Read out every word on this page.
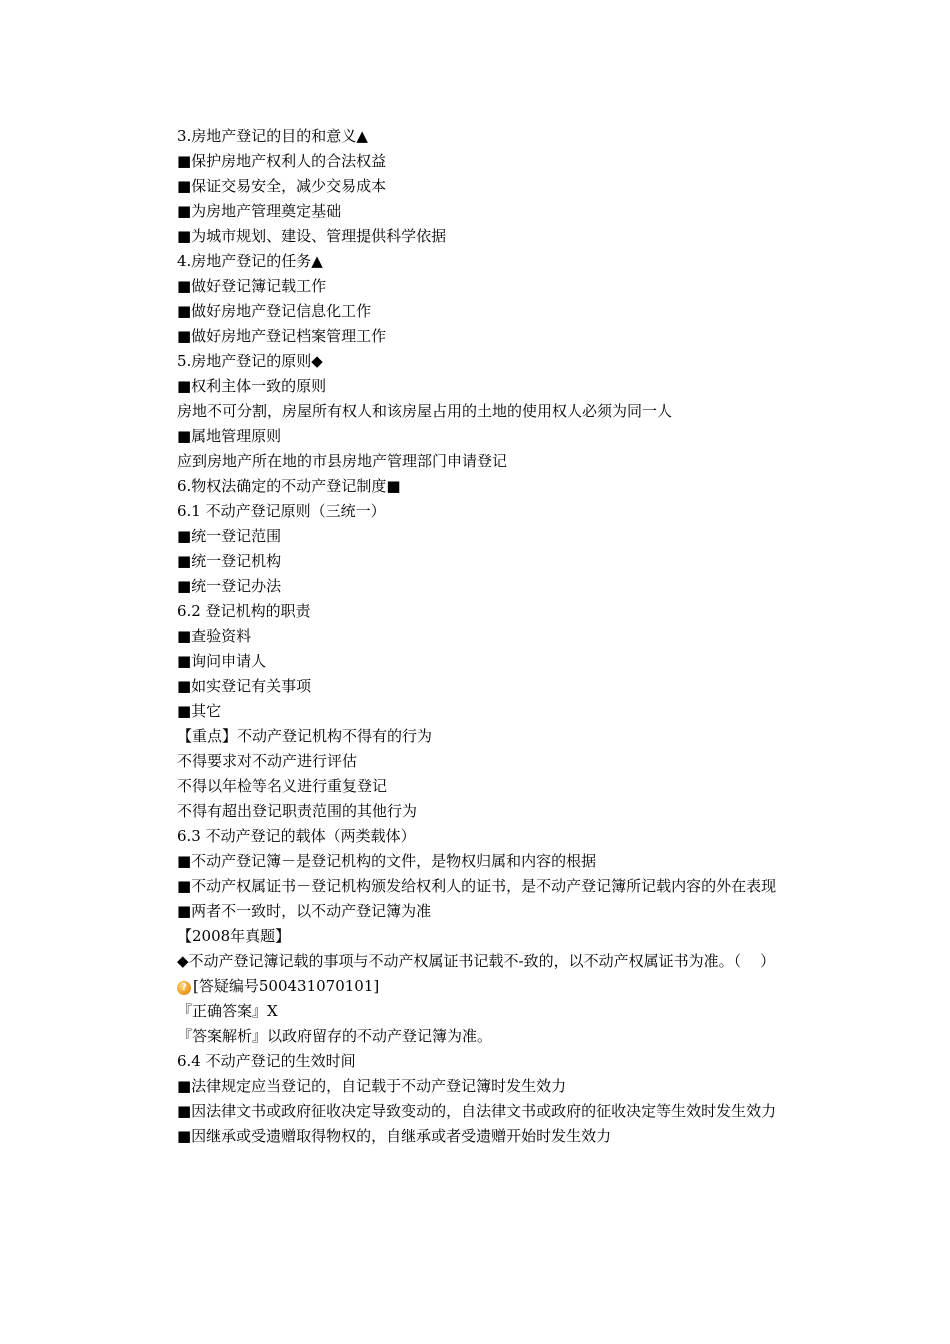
3.房地产登记的目的和意义▲

■保护房地产权利人的合法权益

■保证交易安全，减少交易成本

■为房地产管理奠定基础

■为城市规划、建设、管理提供科学依据

4.房地产登记的任务▲

■做好登记簿记载工作

■做好房地产登记信息化工作

■做好房地产登记档案管理工作

5.房地产登记的原则◆

■权利主体一致的原则

房地不可分割，房屋所有权人和该房屋占用的土地的使用权人必须为同一人

■属地管理原则

应到房地产所在地的市县房地产管理部门申请登记

6.物权法确定的不动产登记制度■

6.1 不动产登记原则（三统一）

■统一登记范围

■统一登记机构

■统一登记办法

6.2 登记机构的职责

■查验资料

■询问申请人

■如实登记有关事项

■其它

【重点】不动产登记机构不得有的行为

不得要求对不动产进行评估

不得以年检等名义进行重复登记

不得有超出登记职责范围的其他行为

6.3 不动产登记的载体（两类载体）

■不动产登记簿－是登记机构的文件，是物权归属和内容的根据

■不动产权属证书－登记机构颁发给权利人的证书，是不动产登记簿所记载内容的外在表现

■两者不一致时，以不动产登记簿为准

【2008年真题】

◆不动产登记簿记载的事项与不动产权属证书记载不-致的，以不动产权属证书为准。（    ）

? [答疑编号500431070101]

『正确答案』X

『答案解析』以政府留存的不动产登记簿为准。

6.4 不动产登记的生效时间

■法律规定应当登记的，自记载于不动产登记簿时发生效力

■因法律文书或政府征收决定导致变动的，自法律文书或政府的征收决定等生效时发生效力

■因继承或受遗赠取得物权的，自继承或者受遗赠开始时发生效力
